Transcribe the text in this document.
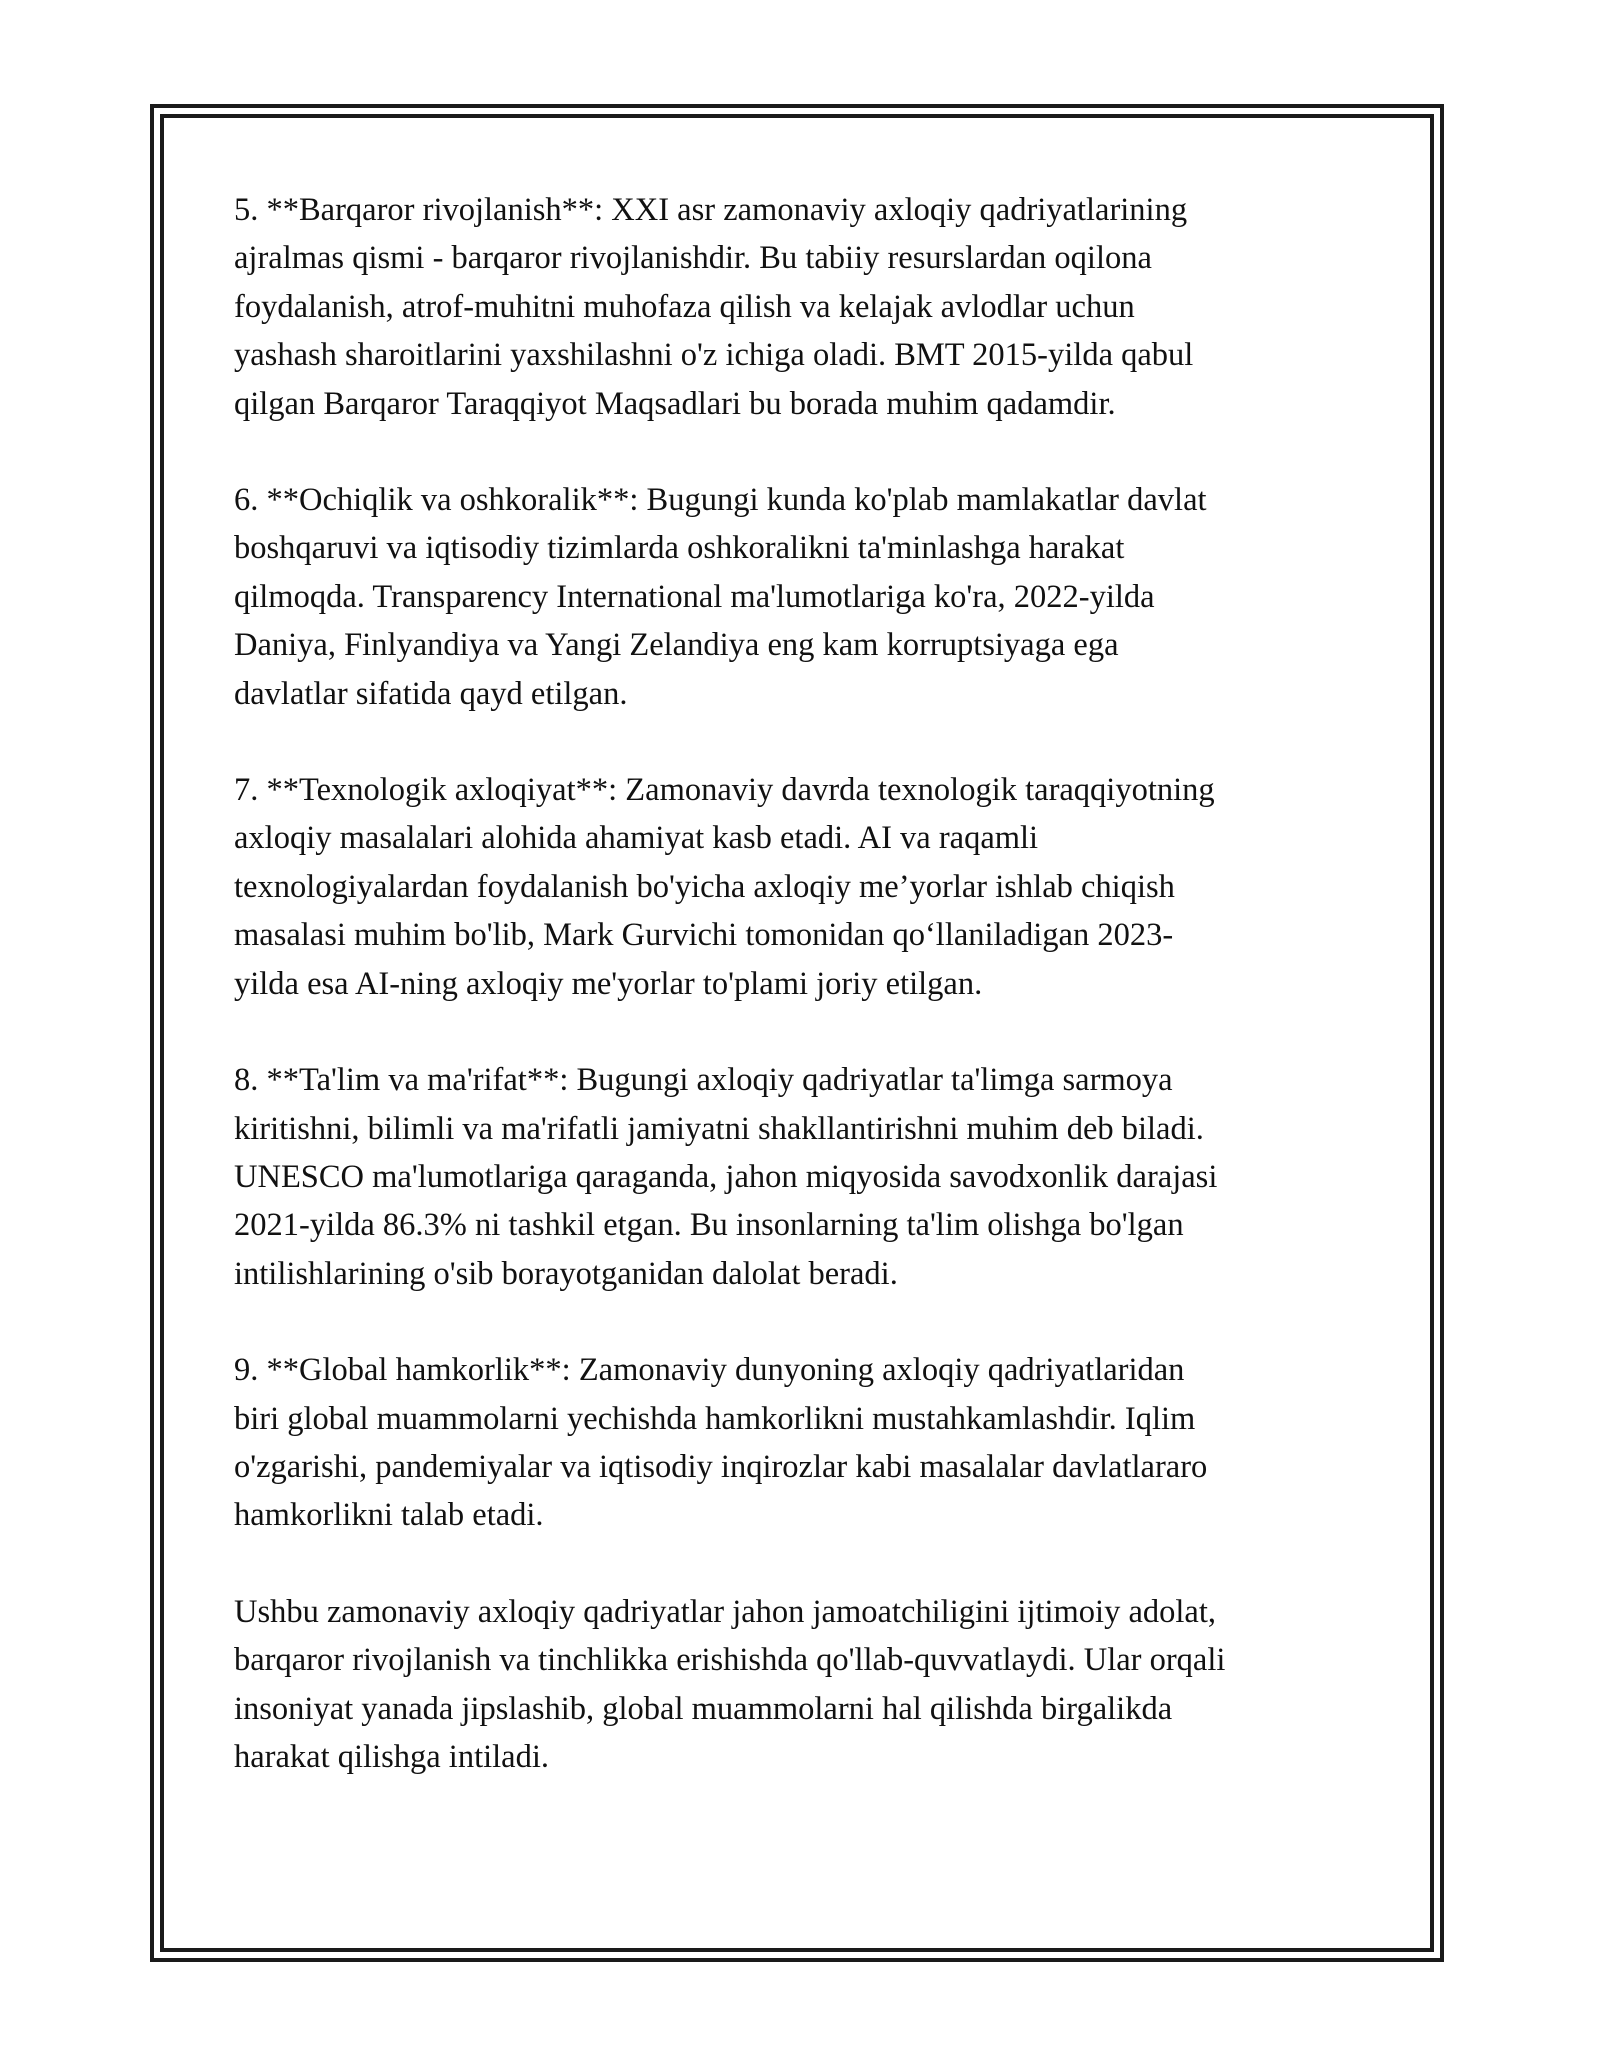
5. **Barqaror rivojlanish**: XXI asr zamonaviy axloqiy qadriyatlarining
ajralmas qismi - barqaror rivojlanishdir. Bu tabiiy resurslardan oqilona
foydalanish, atrof-muhitni muhofaza qilish va kelajak avlodlar uchun
yashash sharoitlarini yaxshilashni o'z ichiga oladi. BMT 2015-yilda qabul
qilgan Barqaror Taraqqiyot Maqsadlari bu borada muhim qadamdir.

6. **Ochiqlik va oshkoralik**: Bugungi kunda ko'plab mamlakatlar davlat
boshqaruvi va iqtisodiy tizimlarda oshkoralikni ta'minlashga harakat
qilmoqda. Transparency International ma'lumotlariga ko'ra, 2022-yilda
Daniya, Finlyandiya va Yangi Zelandiya eng kam korruptsiyaga ega
davlatlar sifatida qayd etilgan.

7. **Texnologik axloqiyat**: Zamonaviy davrda texnologik taraqqiyotning
axloqiy masalalari alohida ahamiyat kasb etadi. AI va raqamli
texnologiyalardan foydalanish bo'yicha axloqiy me’yorlar ishlab chiqish
masalasi muhim bo'lib, Mark Gurvichi tomonidan qo‘llaniladigan 2023-
yilda esa AI-ning axloqiy me'yorlar to'plami joriy etilgan.

8. **Ta'lim va ma'rifat**: Bugungi axloqiy qadriyatlar ta'limga sarmoya
kiritishni, bilimli va ma'rifatli jamiyatni shakllantirishni muhim deb biladi.
UNESCO ma'lumotlariga qaraganda, jahon miqyosida savodxonlik darajasi
2021-yilda 86.3% ni tashkil etgan. Bu insonlarning ta'lim olishga bo'lgan
intilishlarining o'sib borayotganidan dalolat beradi.

9. **Global hamkorlik**: Zamonaviy dunyoning axloqiy qadriyatlaridan
biri global muammolarni yechishda hamkorlikni mustahkamlashdir. Iqlim
o'zgarishi, pandemiyalar va iqtisodiy inqirozlar kabi masalalar davlatlararo
hamkorlikni talab etadi.

Ushbu zamonaviy axloqiy qadriyatlar jahon jamoatchiligini ijtimoiy adolat,
barqaror rivojlanish va tinchlikka erishishda qo'llab-quvvatlaydi. Ular orqali
insoniyat yanada jipslashib, global muammolarni hal qilishda birgalikda
harakat qilishga intiladi.
